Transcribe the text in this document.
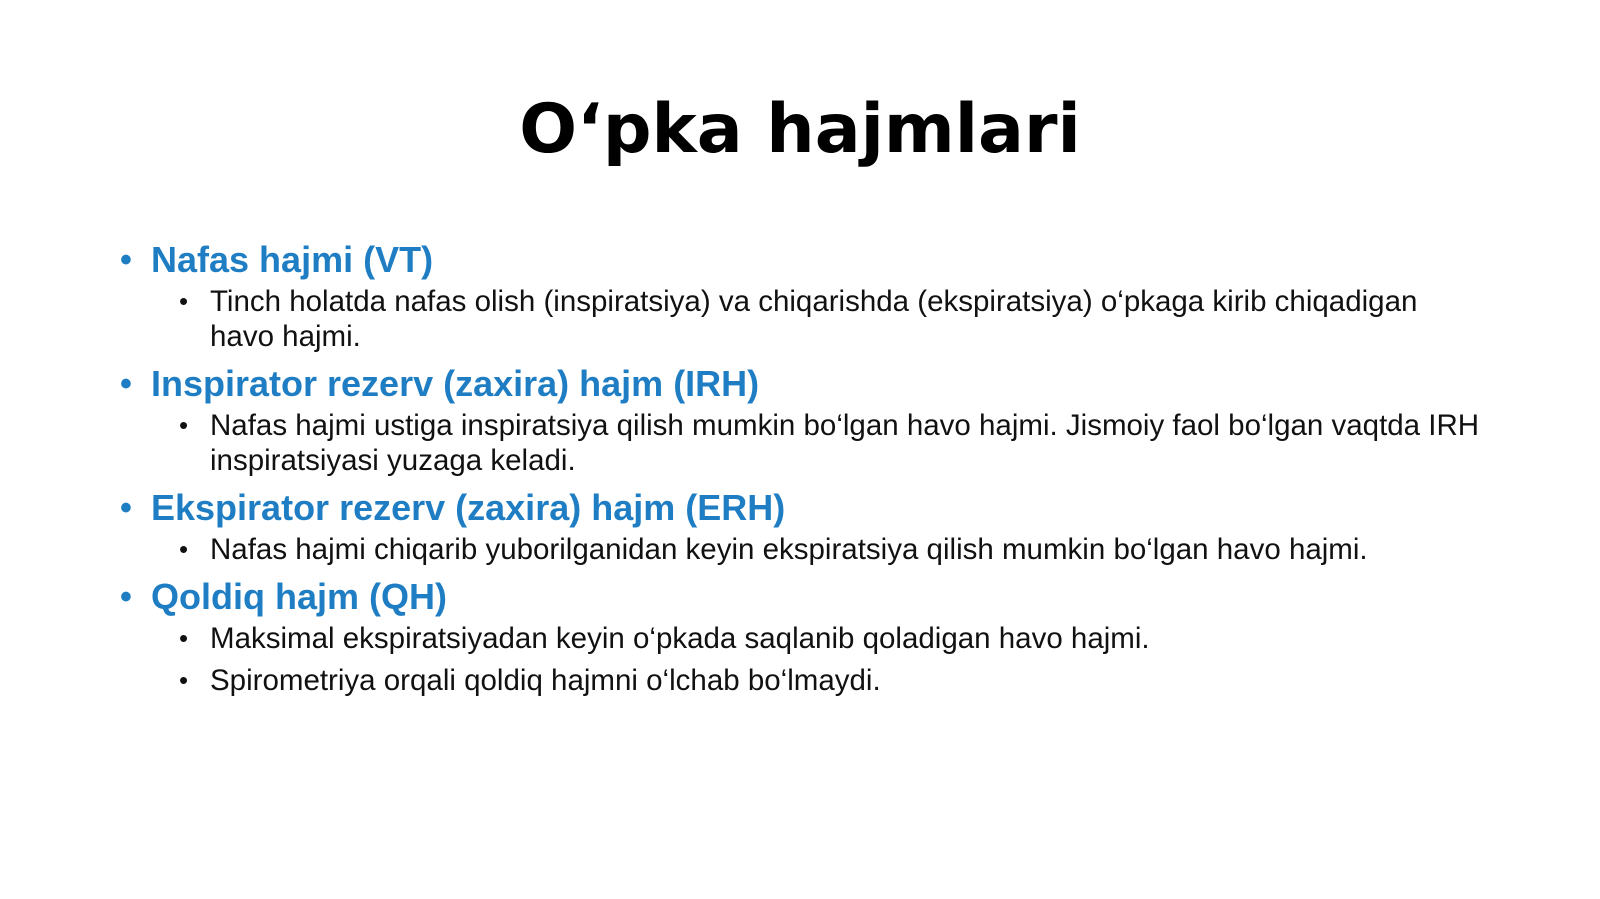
O‘pka hajmlari
• Nafas hajmi (VT)
• Tinch holatda nafas olish (inspiratsiya) va chiqarishda (ekspiratsiya) o‘pkaga kirib chiqadigan havo hajmi.
• Inspirator rezerv (zaxira) hajm (IRH)
• Nafas hajmi ustiga inspiratsiya qilish mumkin bo‘lgan havo hajmi. Jismoiy faol bo‘lgan vaqtda IRH inspiratsiyasi yuzaga keladi.
• Ekspirator rezerv (zaxira) hajm (ERH)
• Nafas hajmi chiqarib yuborilganidan keyin ekspiratsiya qilish mumkin bo‘lgan havo hajmi.
• Qoldiq hajm (QH)
• Maksimal ekspiratsiyadan keyin o‘pkada saqlanib qoladigan havo hajmi.
• Spirometriya orqali qoldiq hajmni o‘lchab bo‘lmaydi.
